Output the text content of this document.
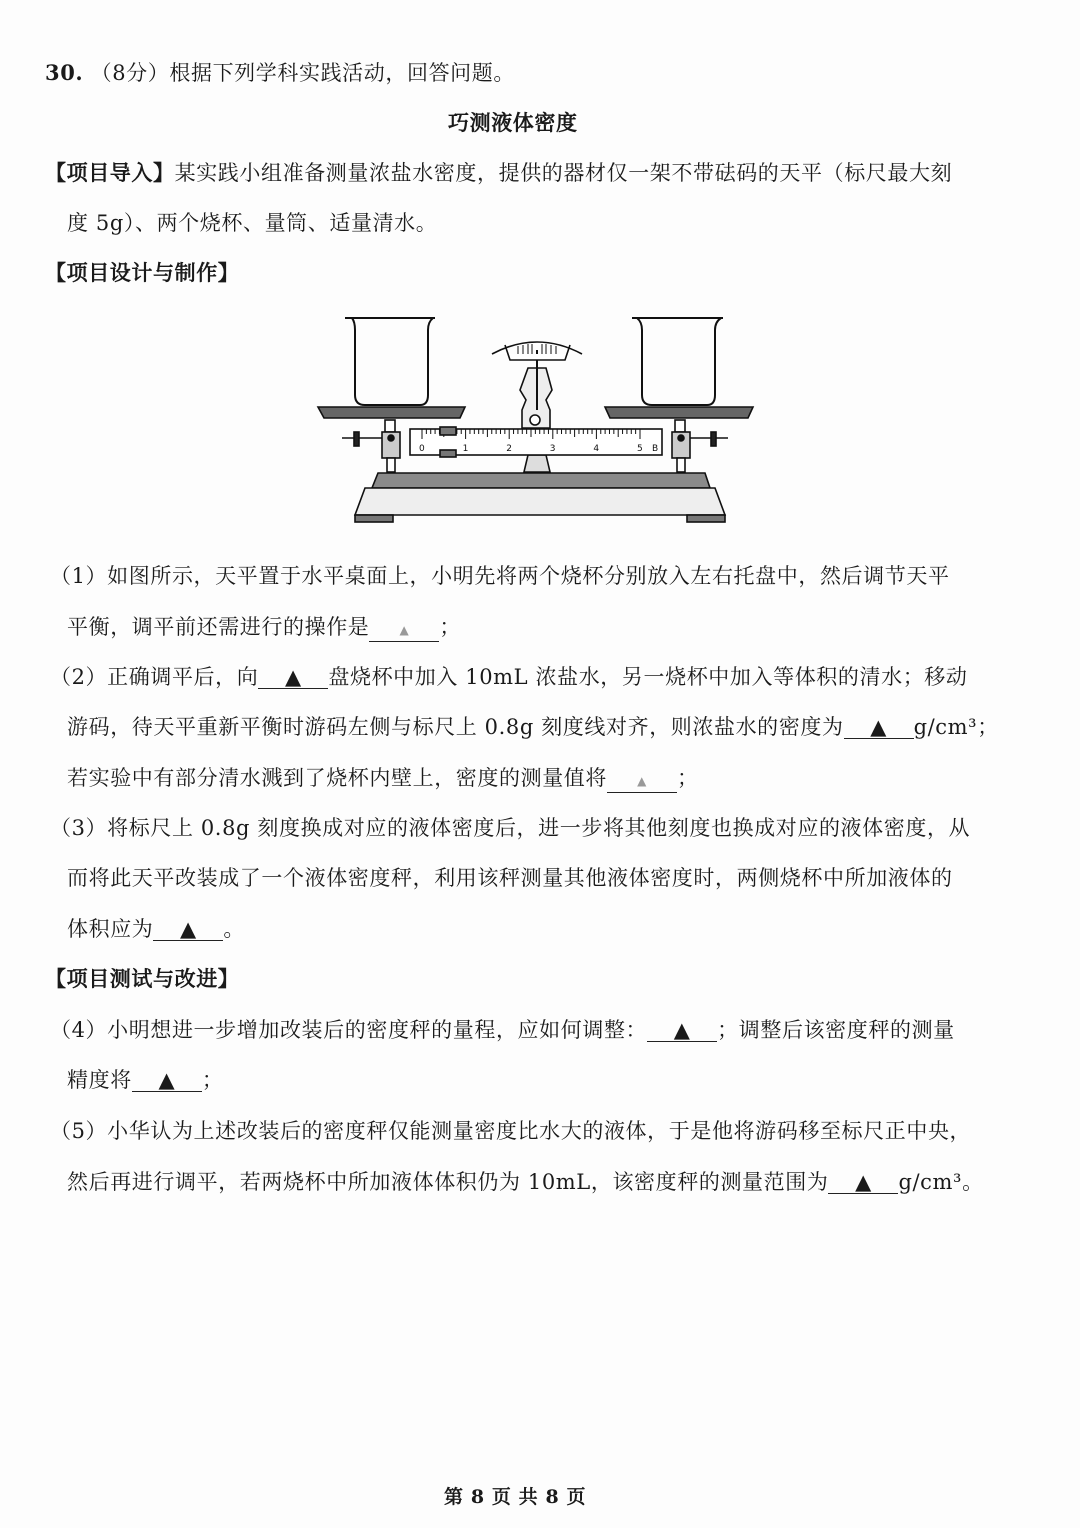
30. （8分）根据下列学科实践活动，回答问题。
巧测液体密度
【项目导入】某实践小组准备测量浓盐水密度，提供的器材仅一架不带砝码的天平（标尺最大刻
度 5g）、两个烧杯、量筒、适量清水。
【项目设计与制作】
（1）如图所示，天平置于水平桌面上，小明先将两个烧杯分别放入左右托盘中，然后调节天平
平衡，调平前还需进行的操作是	▲ ；
（2）正确调平后，向 ▲ 盘烧杯中加入 10mL 浓盐水，另一烧杯中加入等体积的清水；移动
游码，待天平重新平衡时游码左侧与标尺上 0.8g 刻度线对齐，则浓盐水的密度为 ▲ g/cm³；
若实验中有部分清水溅到了烧杯内壁上，密度的测量值将	▲ ；
（3）将标尺上 0.8g 刻度换成对应的液体密度后，进一步将其他刻度也换成对应的液体密度，从
而将此天平改装成了一个液体密度秤，利用该秤测量其他液体密度时，两侧烧杯中所加液体的
体积应为 ▲ 。
【项目测试与改进】
（4）小明想进一步增加改装后的密度秤的量程，应如何调整： ▲ ；调整后该密度秤的测量
精度将 ▲ ；
（5）小华认为上述改装后的密度秤仅能测量密度比水大的液体，于是他将游码移至标尺正中央，
然后再进行调平，若两烧杯中所加液体体积仍为 10mL，该密度秤的测量范围为 ▲ g/cm³。
0	1	2	3	4	5 B
第 8 页 共 8 页
